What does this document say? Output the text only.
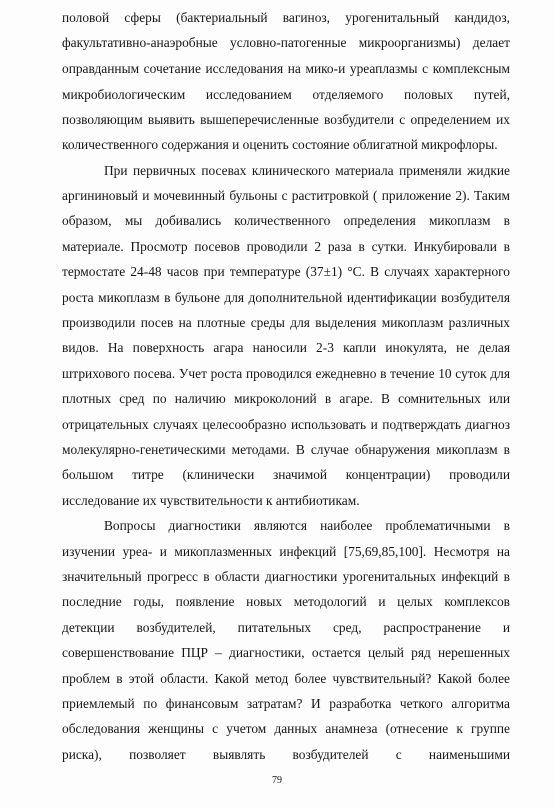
половой сферы (бактериальный вагиноз, урогенитальный кандидоз,
факультативно-анаэробные условно-патогенные микроорганизмы) делает
оправданным сочетание исследования на мико-и уреаплазмы с комплексным
микробиологическим исследованием отделяемого половых путей,
позволяющим выявить вышеперечисленные возбудители с определением их
количественного содержания и оценить состояние облигатной микрофлоры.
При первичных посевах клинического материала применяли жидкие
аргининовый и мочевинный бульоны с раститровкой ( приложение 2). Таким
образом, мы добивались количественного определения микоплазм в
материале. Просмотр посевов проводили 2 раза в сутки. Инкубировали в
термостате 24-48 часов при температуре (37±1) °С. В случаях характерного
роста микоплазм в бульоне для дополнительной идентификации возбудителя
производили посев на плотные среды для выделения микоплазм различных
видов. На поверхность агара наносили 2-3 капли инокулята, не делая
штрихового посева. Учет роста проводился ежедневно в течение 10 суток для
плотных сред по наличию микроколоний в агаре. В сомнительных или
отрицательных случаях целесообразно использовать и подтверждать диагноз
молекулярно-генетическими методами. В случае обнаружения микоплазм в
большом титре (клинически значимой концентрации) проводили
исследование их чувствительности к антибиотикам.
Вопросы диагностики являются наиболее проблематичными в
изучении уреа- и микоплазменных инфекций [75,69,85,100]. Несмотря на
значительный прогресс в области диагностики урогенитальных инфекций в
последние годы, появление новых методологий и целых комплексов
детекции возбудителей, питательных сред, распространение и
совершенствование ПЦР – диагностики, остается целый ряд нерешенных
проблем в этой области. Какой метод более чувствительный? Какой более
приемлемый по финансовым затратам? И разработка четкого алгоритма
обследования женщины с учетом данных анамнеза (отнесение к группе
риска), позволяет выявлять возбудителей с наименьшими
79
